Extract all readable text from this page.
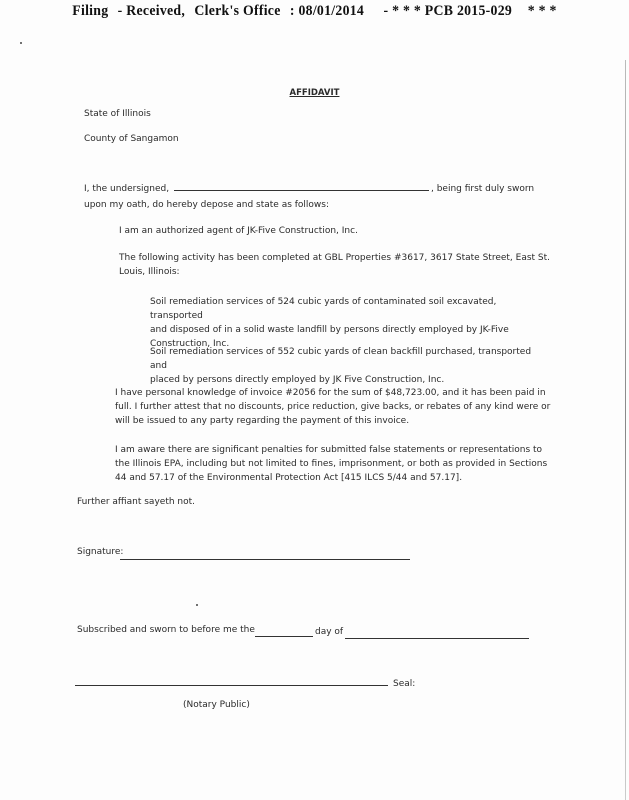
Filing - Received, Clerk's Office : 08/01/2014 - * * * PCB 2015-029 * * *
AFFIDAVIT
State of Illinois
County of Sangamon
I, the undersigned,	, being first duly sworn
upon my oath, do hereby depose and state as follows:
I am an authorized agent of JK-Five Construction, Inc.

The following activity has been completed at GBL Properties #3617, 3617 State Street, East St.

Louis, Illinois:

Soil remediation services of 524 cubic yards of contaminated soil excavated, transported

and disposed of in a solid waste landfill by persons directly employed by JK-Five

Construction, Inc.

Soil remediation services of 552 cubic yards of clean backfill purchased, transported and

placed by persons directly employed by JK Five Construction, Inc.

I have personal knowledge of invoice #2056 for the sum of $48,723.00, and it has been paid in

full. I further attest that no discounts, price reduction, give backs, or rebates of any kind were or

will be issued to any party regarding the payment of this invoice.

I am aware there are significant penalties for submitted false statements or representations to

the Illinois EPA, including but not limited to fines, imprisonment, or both as provided in Sections

44 and 57.17 of the Environmental Protection Act [415 ILCS 5/44 and 57.17].

Further affiant sayeth not.
Signature:
Subscribed and sworn to before me the	day of
Seal:
(Notary Public)
